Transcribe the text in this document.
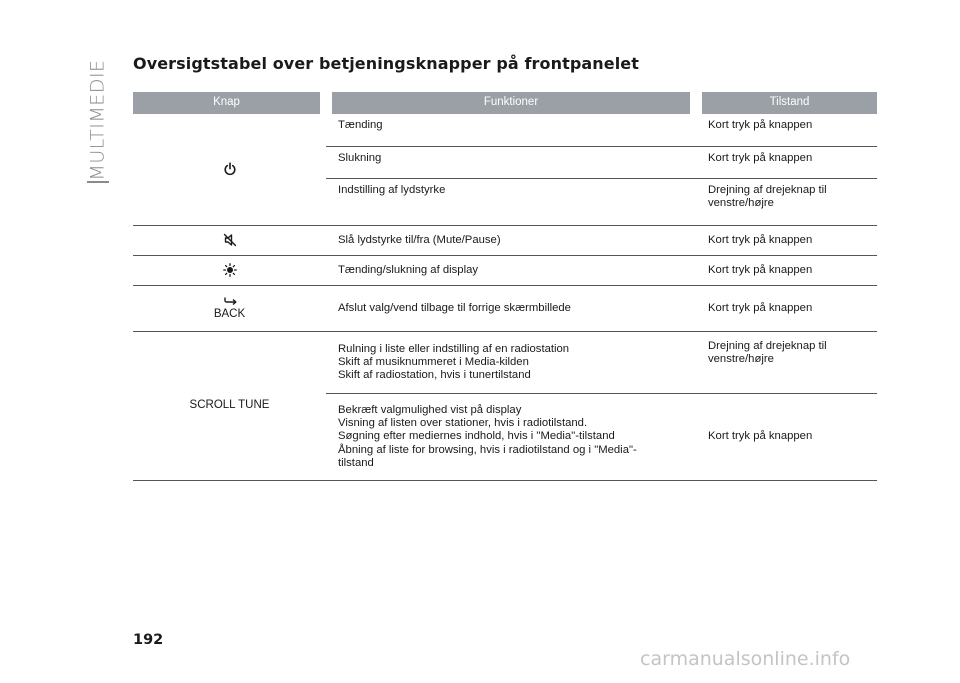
MULTIMEDIE Oversigtstabel over betjeningsknapper på frontpanelet
Knap	Funktioner	Tilstand
	Tænding	Kort tryk på knappen
	Slukning	Kort tryk på knappen
	Indstilling af lydstyrke	Drejning af drejeknap til
venstre/højre

	Slå lydstyrke til/fra (Mute/Pause)	Kort tryk på knappen
	Tænding/slukning af display	Kort tryk på knappen

BACK	Afslut valg/vend tilbage til forrige skærmbillede	Kort tryk på knappen
SCROLL TUNE	Rulning i liste eller indstilling af en radiostation
Skift af musiknummeret i Media-kilden
Skift af radiostation, hvis i tunertilstand	Drejning af drejeknap til
venstre/højre

	Bekræft valgmulighed vist på display
Visning af listen over stationer, hvis i radiotilstand.
Søgning efter mediernes indhold, hvis i "Media"-tilstand
Åbning af liste for browsing, hvis i radiotilstand og i "Media"-
tilstand	Kort tryk på knappen
192
carmanualsonline.info
